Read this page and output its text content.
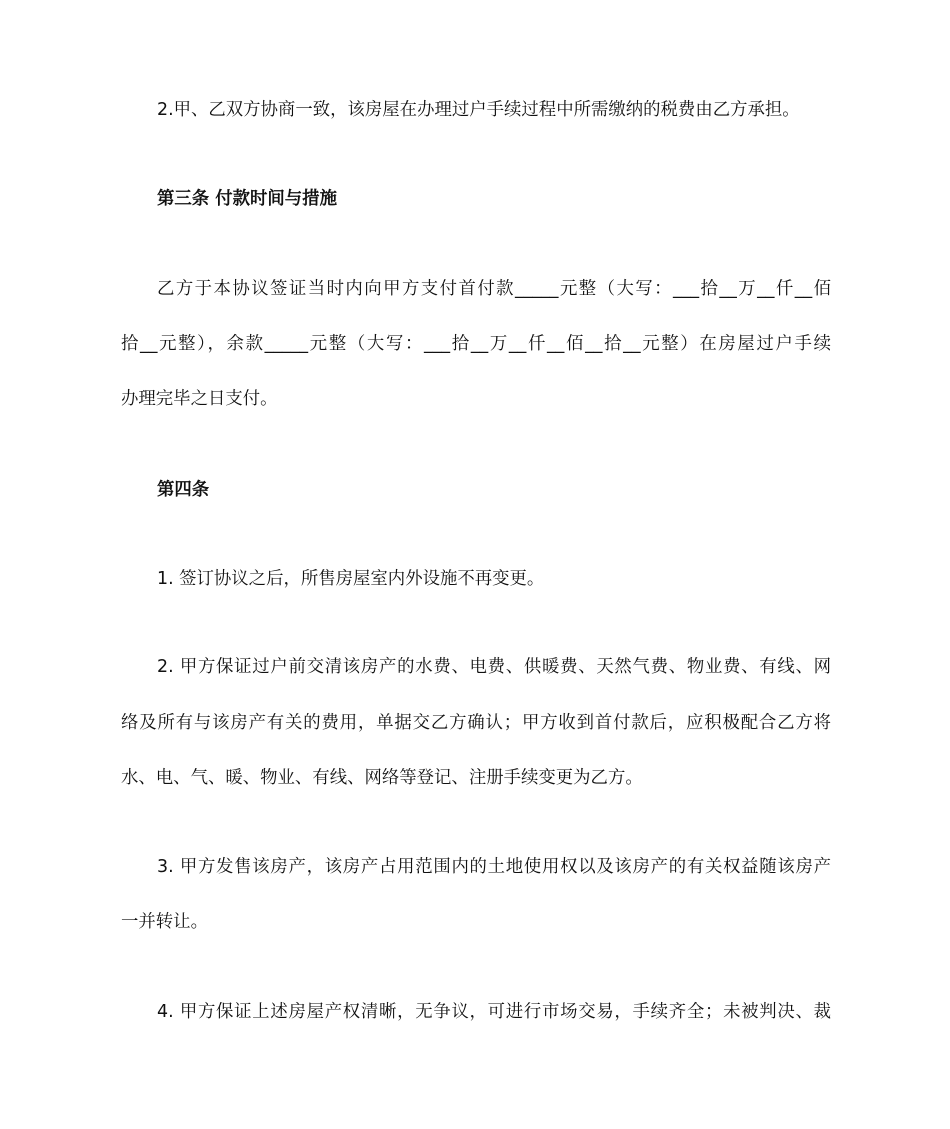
2.甲、乙双方协商一致，该房屋在办理过户手续过程中所需缴纳的税费由乙方承担。
第三条 付款时间与措施
乙方于本协议签证当时内向甲方支付首付款_____元整（大写：___拾__万__仟__佰
拾__元整），余款_____元整（大写：___拾__万__仟__佰__拾__元整）在房屋过户手续
办理完毕之日支付。
第四条
1. 签订协议之后，所售房屋室内外设施不再变更。
2. 甲方保证过户前交清该房产的水费、电费、供暖费、天然气费、物业费、有线、网
络及所有与该房产有关的费用，单据交乙方确认；甲方收到首付款后，应积极配合乙方将
水、电、气、暖、物业、有线、网络等登记、注册手续变更为乙方。
3. 甲方发售该房产，该房产占用范围内的土地使用权以及该房产的有关权益随该房产
一并转让。
4. 甲方保证上述房屋产权清晰，无争议，可进行市场交易，手续齐全；未被判决、裁
